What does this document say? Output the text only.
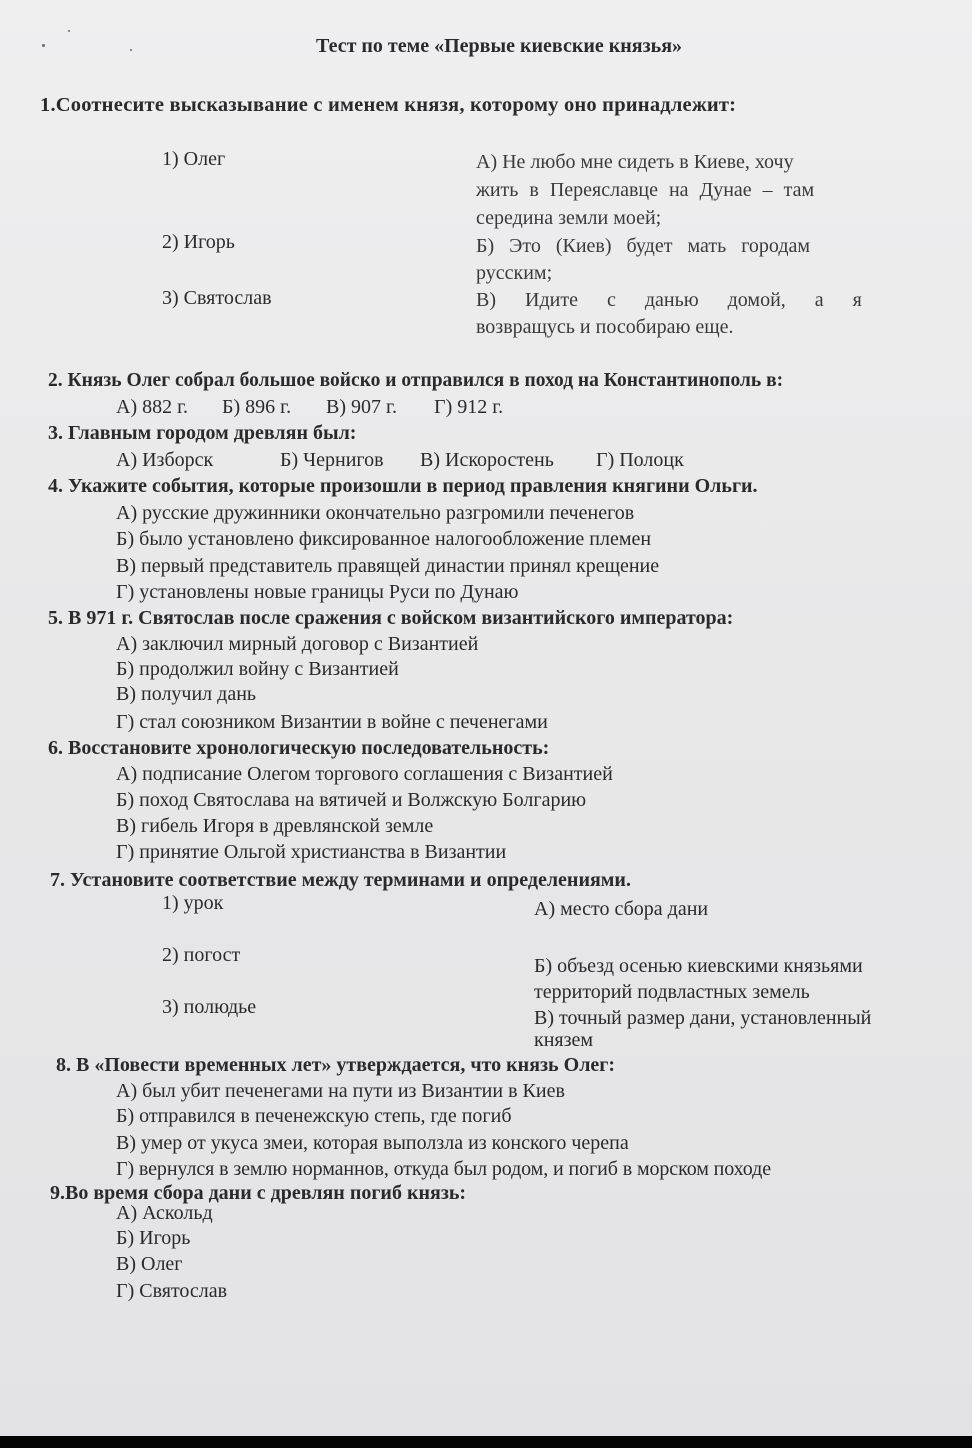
Тест по теме «Первые киевские князья»
1.Соотнесите высказывание с именем князя, которому оно принадлежит:
1) Олег
2) Игорь
3) Святослав
А) Не любо мне сидеть в Киеве, хочу
жить в Переяславце на Дунае – там
середина земли моей;
Б) Это (Киев) будет мать городам
русским;
В) Идите с данью домой, а я
возвращусь и пособираю еще.
2. Князь Олег собрал большое войско и отправился в поход на Константинополь в:
А) 882 г. Б) 896 г. В) 907 г. Г) 912 г.
3. Главным городом древлян был:
А) Изборск	Б) Чернигов В) Искоростень Г) Полоцк
4. Укажите события, которые произошли в период правления княгини Ольги.
А) русские дружинники окончательно разгромили печенегов
Б) было установлено фиксированное налогообложение племен
В) первый представитель правящей династии принял крещение
Г) установлены новые границы Руси по Дунаю
5. В 971 г. Святослав после сражения с войском византийского императора:
А) заключил мирный договор с Византией
Б) продолжил войну с Византией
В) получил дань
Г) стал союзником Византии в войне с печенегами
6. Восстановите хронологическую последовательность:
А) подписание Олегом торгового соглашения с Византией
Б) поход Святослава на вятичей и Волжскую Болгарию
В) гибель Игоря в древлянской земле
Г) принятие Ольгой христианства в Византии
7. Установите соответствие между терминами и определениями.
1) урок
2) погост
3) полюдье
А) место сбора дани
Б) объезд осенью киевскими князьями
территорий подвластных земель
В) точный размер дани, установленный
князем
8. В «Повести временных лет» утверждается, что князь Олег:
А) был убит печенегами на пути из Византии в Киев
Б) отправился в печенежскую степь, где погиб
В) умер от укуса змеи, которая выползла из конского черепа
Г) вернулся в землю норманнов, откуда был родом, и погиб в морском походе
9.Во время сбора дани с древлян погиб князь:
А) Аскольд
Б) Игорь
В) Олег
Г) Святослав
